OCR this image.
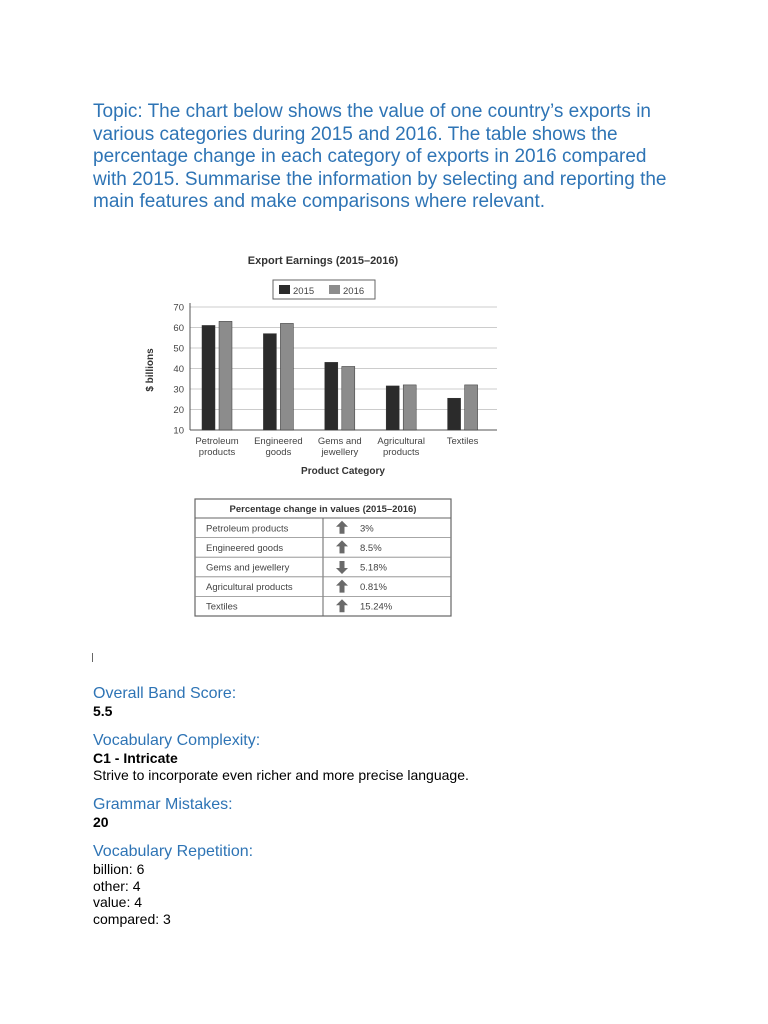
Topic: The chart below shows the value of one country’s exports in various categories during 2015 and 2016. The table shows the percentage change in each category of exports in 2016 compared with 2015. Summarise the information by selecting and reporting the main features and make comparisons where relevant.

Export Earnings (2015–2016)
2015	2016
10
20
30
40
50
60
70
$ billions
Petroleum
products
Engineered
goods
Gems and
jewellery
Agricultural
products
Textiles
Product Category
Percentage change in values (2015–2016)
Petroleum products	3%
Engineered goods	8.5%
Gems and jewellery	5.18%
Agricultural products	0.81%
Textiles	15.24%
Overall Band Score:
5.5
Vocabulary Complexity:
C1 - Intricate
Strive to incorporate even richer and more precise language.
Grammar Mistakes:
20
Vocabulary Repetition:
billion: 6
other: 4
value: 4
compared: 3
